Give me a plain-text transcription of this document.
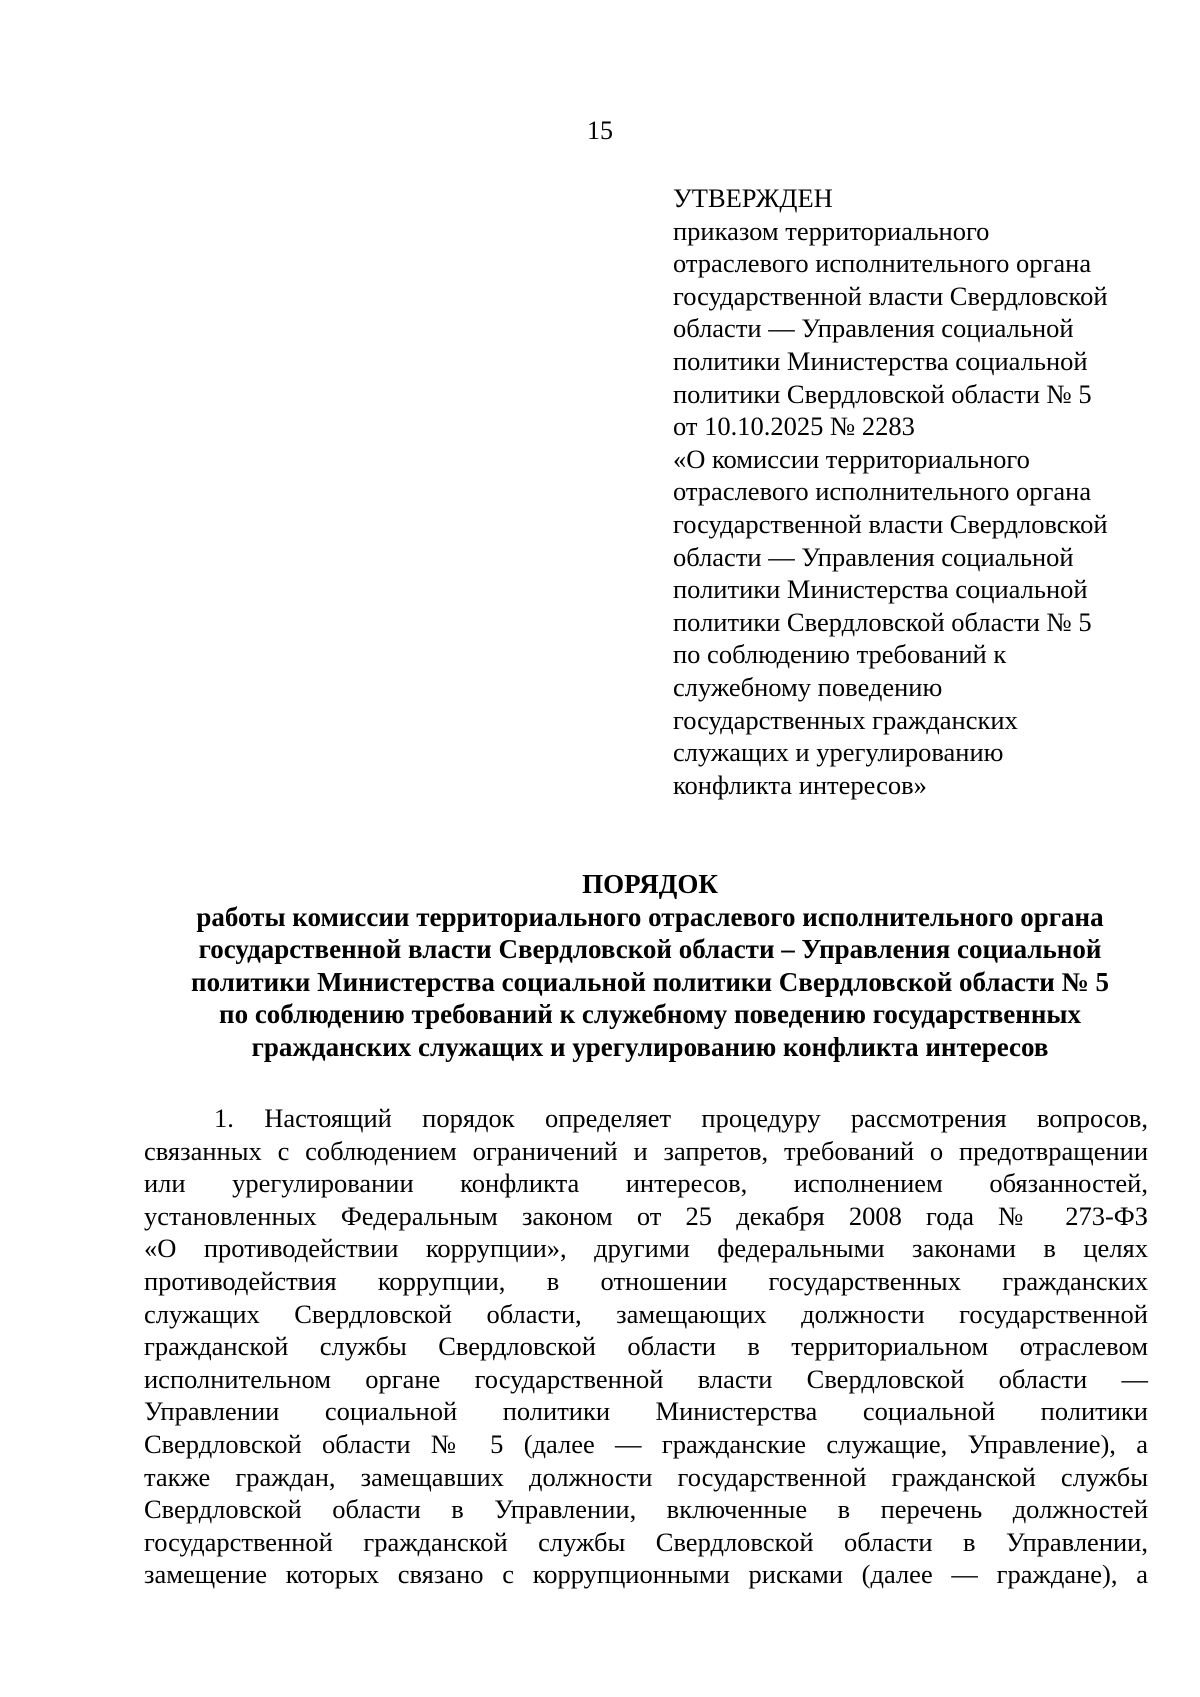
15
УТВЕРЖДЕН
приказом территориального
отраслевого исполнительного органа
государственной власти Свердловской
области — Управления социальной
политики Министерства социальной
политики Свердловской области № 5
от 10.10.2025 № 2283
«О комиссии территориального
отраслевого исполнительного органа
государственной власти Свердловской
области — Управления социальной
политики Министерства социальной
политики Свердловской области № 5
по соблюдению требований к
служебному поведению
государственных гражданских
служащих и урегулированию
конфликта интересов»
ПОРЯДОК
работы комиссии территориального отраслевого исполнительного органа
государственной власти Свердловской области – Управления социальной
политики Министерства социальной политики Свердловской области № 5
по соблюдению требований к служебному поведению государственных
гражданских служащих и урегулированию конфликта интересов
1. Настоящий порядок определяет процедуру рассмотрения вопросов,
связанных с соблюдением ограничений и запретов, требований о предотвращении
или урегулировании конфликта интересов, исполнением обязанностей,
установленных Федеральным законом от 25 декабря 2008 года № 273-ФЗ
«О противодействии коррупции», другими федеральными законами в целях
противодействия коррупции, в отношении государственных гражданских
служащих Свердловской области, замещающих должности государственной
гражданской службы Свердловской области в территориальном отраслевом
исполнительном органе государственной власти Свердловской области —
Управлении социальной политики Министерства социальной политики
Свердловской области № 5 (далее — гражданские служащие, Управление), а
также граждан, замещавших должности государственной гражданской службы
Свердловской области в Управлении, включенные в перечень должностей
государственной гражданской службы Свердловской области в Управлении,
замещение которых связано с коррупционными рисками (далее — граждане), а
